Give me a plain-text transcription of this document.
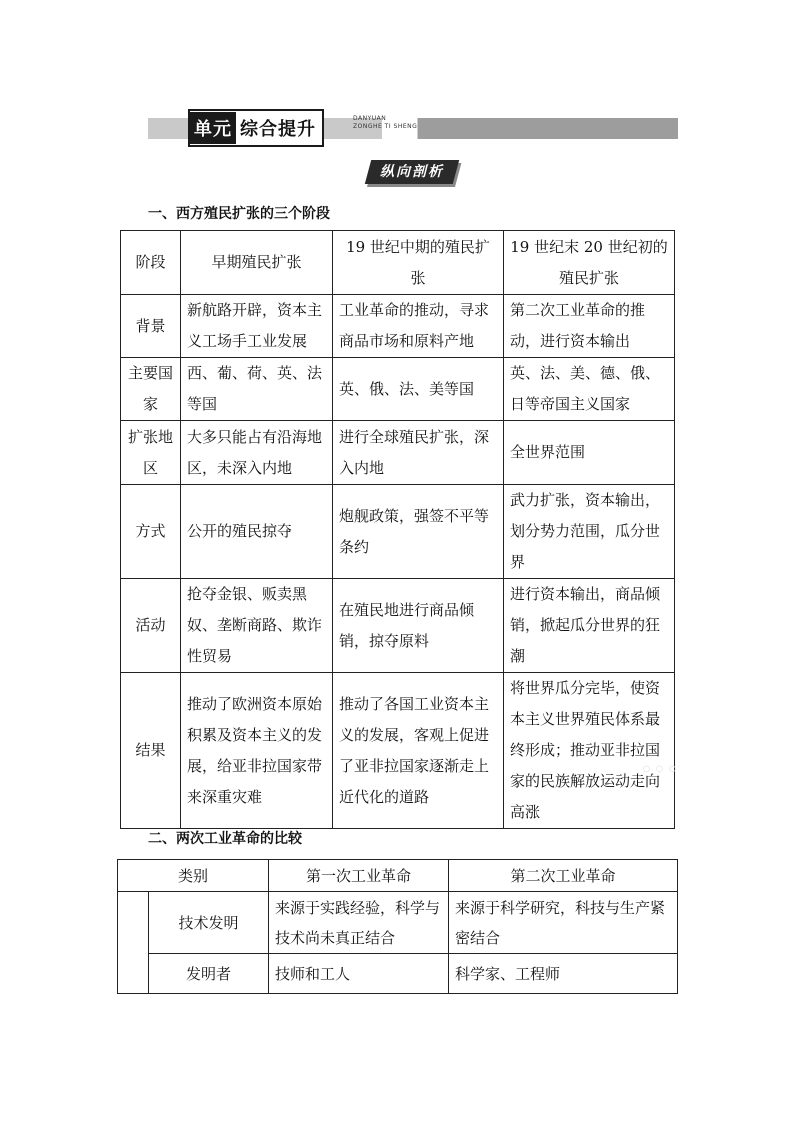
单元 综合提升
DANYUAN
ZONGHE TI SHENG
纵向剖析
一、西方殖民扩张的三个阶段
阶段	早期殖民扩张	19 世纪中期的殖民扩张	19 世纪末 20 世纪初的殖民扩张
背景	新航路开辟，资本主义工场手工业发展	工业革命的推动，寻求商品市场和原料产地	第二次工业革命的推动，进行资本输出
主要国家	西、葡、荷、英、法等国	英、俄、法、美等国	英、法、美、德、俄、日等帝国主义国家
扩张地区	大多只能占有沿海地区，未深入内地	进行全球殖民扩张，深入内地	全世界范围
方式	公开的殖民掠夺	炮舰政策，强签不平等条约	武力扩张，资本输出，划分势力范围，瓜分世界
活动	抢夺金银、贩卖黑奴、垄断商路、欺诈性贸易	在殖民地进行商品倾销，掠夺原料	进行资本输出，商品倾销，掀起瓜分世界的狂潮
结果	推动了欧洲资本原始积累及资本主义的发展，给亚非拉国家带来深重灾难	推动了各国工业资本主义的发展，客观上促进了亚非拉国家逐渐走上近代化的道路	将世界瓜分完毕，使资本主义世界殖民体系最终形成；推动亚非拉国家的民族解放运动走向高涨
◦◦◦
二、两次工业革命的比较
类别		第一次工业革命	第二次工业革命
	技术发明	来源于实践经验，科学与技术尚未真正结合	来源于科学研究，科技与生产紧密结合
	发明者	技师和工人	科学家、工程师
